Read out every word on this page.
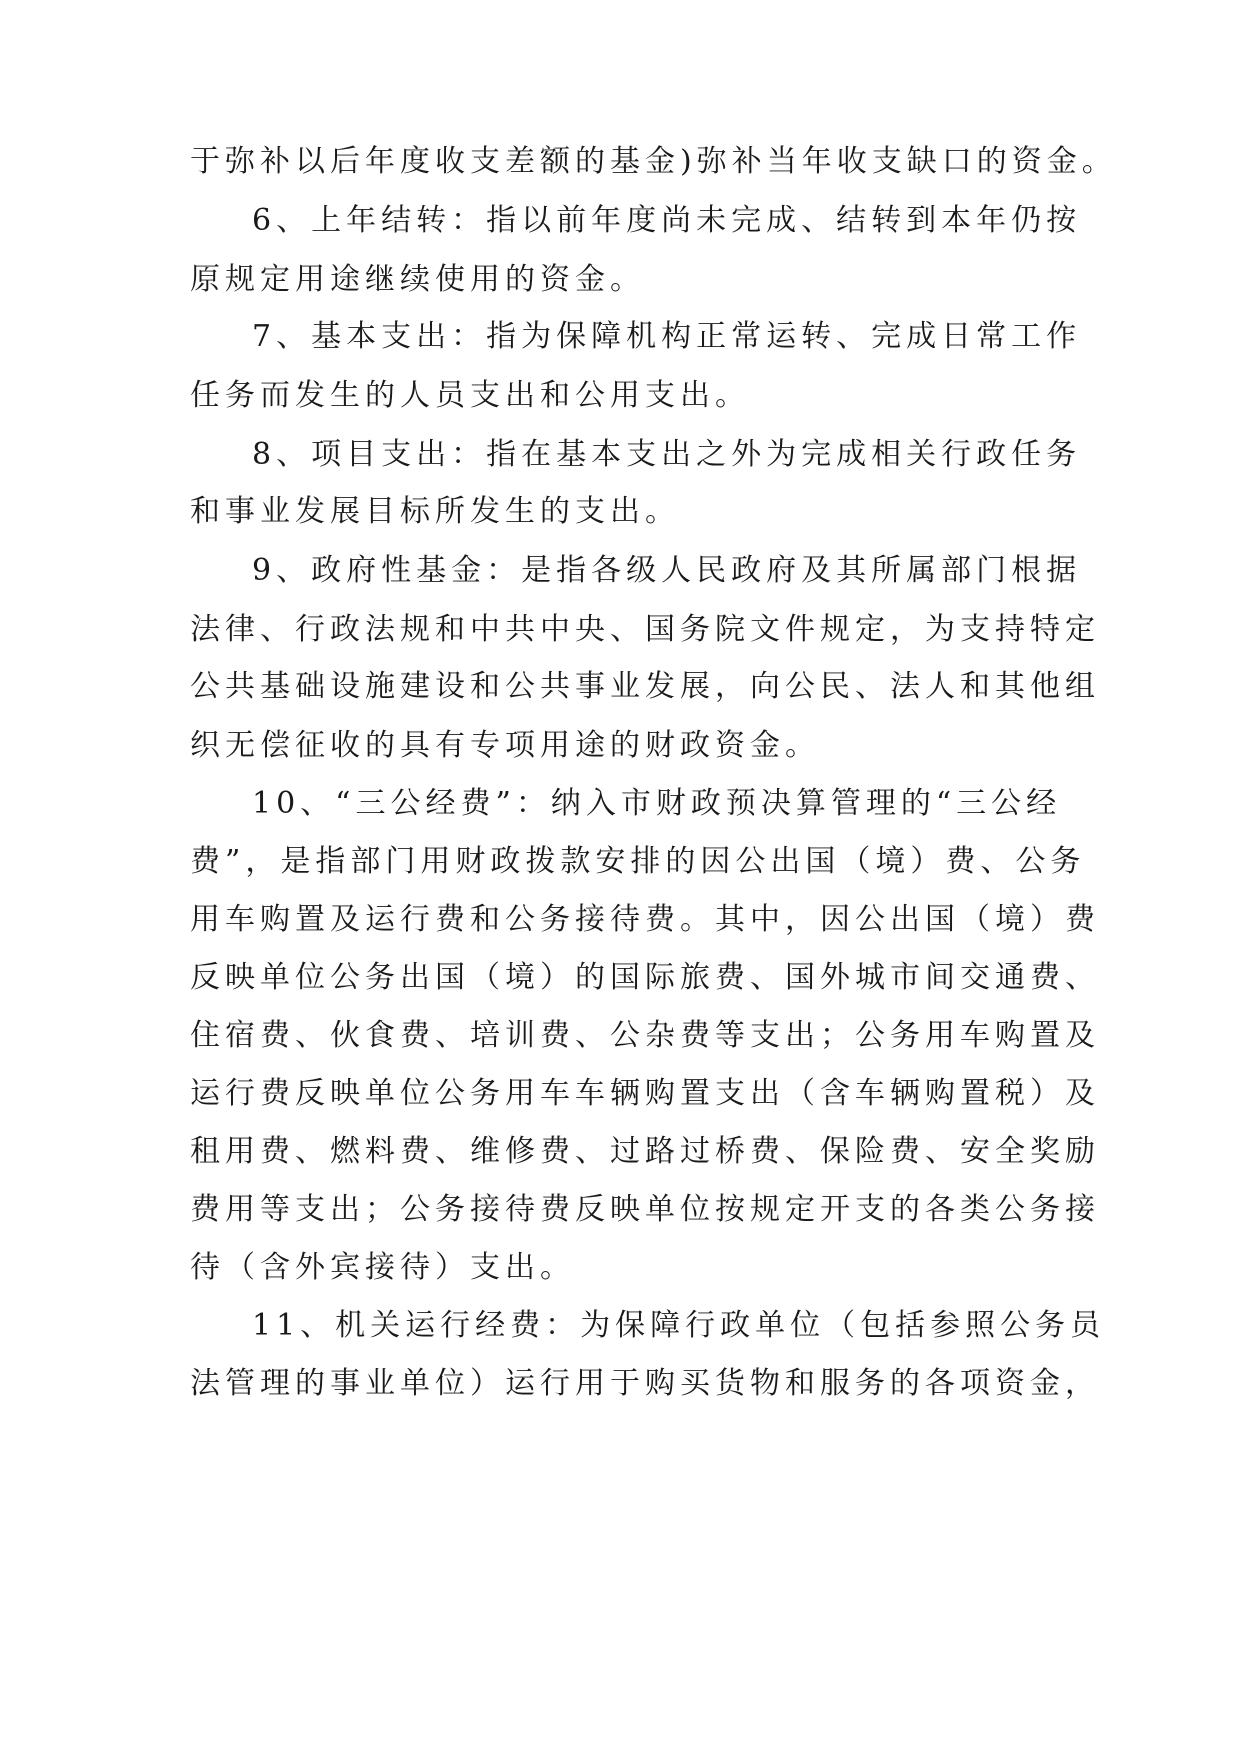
于弥补以后年度收支差额的基金)弥补当年收支缺口的资金。
6、上年结转：指以前年度尚未完成、结转到本年仍按
原规定用途继续使用的资金。
7、基本支出：指为保障机构正常运转、完成日常工作
任务而发生的人员支出和公用支出。
8、项目支出：指在基本支出之外为完成相关行政任务
和事业发展目标所发生的支出。
9、政府性基金：是指各级人民政府及其所属部门根据
法律、行政法规和中共中央、国务院文件规定，为支持特定
公共基础设施建设和公共事业发展，向公民、法人和其他组
织无偿征收的具有专项用途的财政资金。
10、“三公经费”：纳入市财政预决算管理的“三公经
费”，是指部门用财政拨款安排的因公出国（境）费、公务
用车购置及运行费和公务接待费。其中，因公出国（境）费
反映单位公务出国（境）的国际旅费、国外城市间交通费、
住宿费、伙食费、培训费、公杂费等支出；公务用车购置及
运行费反映单位公务用车车辆购置支出（含车辆购置税）及
租用费、燃料费、维修费、过路过桥费、保险费、安全奖励
费用等支出；公务接待费反映单位按规定开支的各类公务接
待（含外宾接待）支出。
11、机关运行经费：为保障行政单位（包括参照公务员
法管理的事业单位）运行用于购买货物和服务的各项资金，
